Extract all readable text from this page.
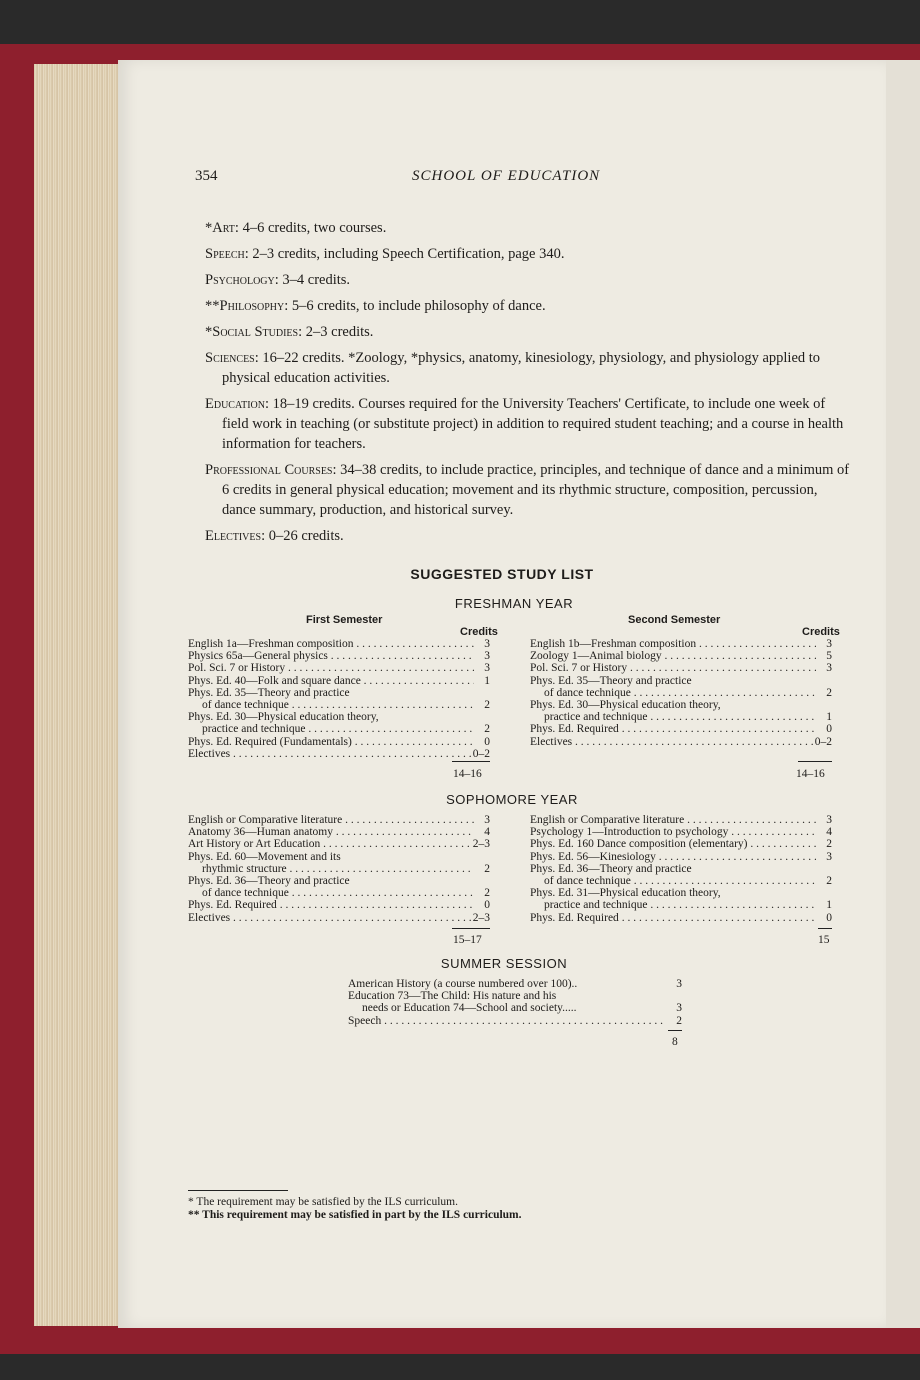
354	SCHOOL OF EDUCATION
*Art: 4–6 credits, two courses.
Speech: 2–3 credits, including Speech Certification, page 340.
Psychology: 3–4 credits.
**Philosophy: 5–6 credits, to include philosophy of dance.
*Social Studies: 2–3 credits.
Sciences: 16–22 credits. *Zoology, *physics, anatomy, kinesiology, physiology, and physiology applied to physical education activities.
Education: 18–19 credits. Courses required for the University Teachers' Certificate, to include one week of field work in teaching (or substitute project) in addition to required student teaching; and a course in health information for teachers.
Professional Courses: 34–38 credits, to include practice, principles, and technique of dance and a minimum of 6 credits in general physical education; movement and its rhythmic structure, composition, percussion, dance summary, production, and historical survey.
Electives: 0–26 credits.
SUGGESTED STUDY LIST
FRESHMAN YEAR
First Semester	Second Semester
Credits	Credits
English 1a—Freshman composition . . .	3
Physics 65a—General physics . . .	3
Pol. Sci. 7 or History . . .	3
Phys. Ed. 40—Folk and square dance . . .	1
Phys. Ed. 35—Theory and practice
of dance technique . . .	2
Phys. Ed. 30—Physical education theory,
practice and technique . . .	2
Phys. Ed. Required (Fundamentals) . . .	0
Electives . . .	0–2
English 1b—Freshman composition . . .	3
Zoology 1—Animal biology . . .	5
Pol. Sci. 7 or History . . .	3
Phys. Ed. 35—Theory and practice
of dance technique . . .	2
Phys. Ed. 30—Physical education theory,
practice and technique . . .	1
Phys. Ed. Required . . .	0
Electives . . .	0–2
14–16	14–16
SOPHOMORE YEAR
English or Comparative literature . . .	3
Anatomy 36—Human anatomy . . .	4
Art History or Art Education . . .	2–3
Phys. Ed. 60—Movement and its
rhythmic structure . . .	2
Phys. Ed. 36—Theory and practice
of dance technique . . .	2
Phys. Ed. Required . . .	0
Electives . . .	2–3
English or Comparative literature . . .	3
Psychology 1—Introduction to psychology . . .	4
Phys. Ed. 160 Dance composition (elementary) . . .	2
Phys. Ed. 56—Kinesiology . . .	3
Phys. Ed. 36—Theory and practice
of dance technique . . .	2
Phys. Ed. 31—Physical education theory,
practice and technique . . .	1
Phys. Ed. Required . . .	0
15–17	15
SUMMER SESSION
American History (a course numbered over 100)..	3
Education 73—The Child: His nature and his
needs or Education 74—School and society.....	3
Speech . . .	2
8
* The requirement may be satisfied by the ILS curriculum.
** This requirement may be satisfied in part by the ILS curriculum.
